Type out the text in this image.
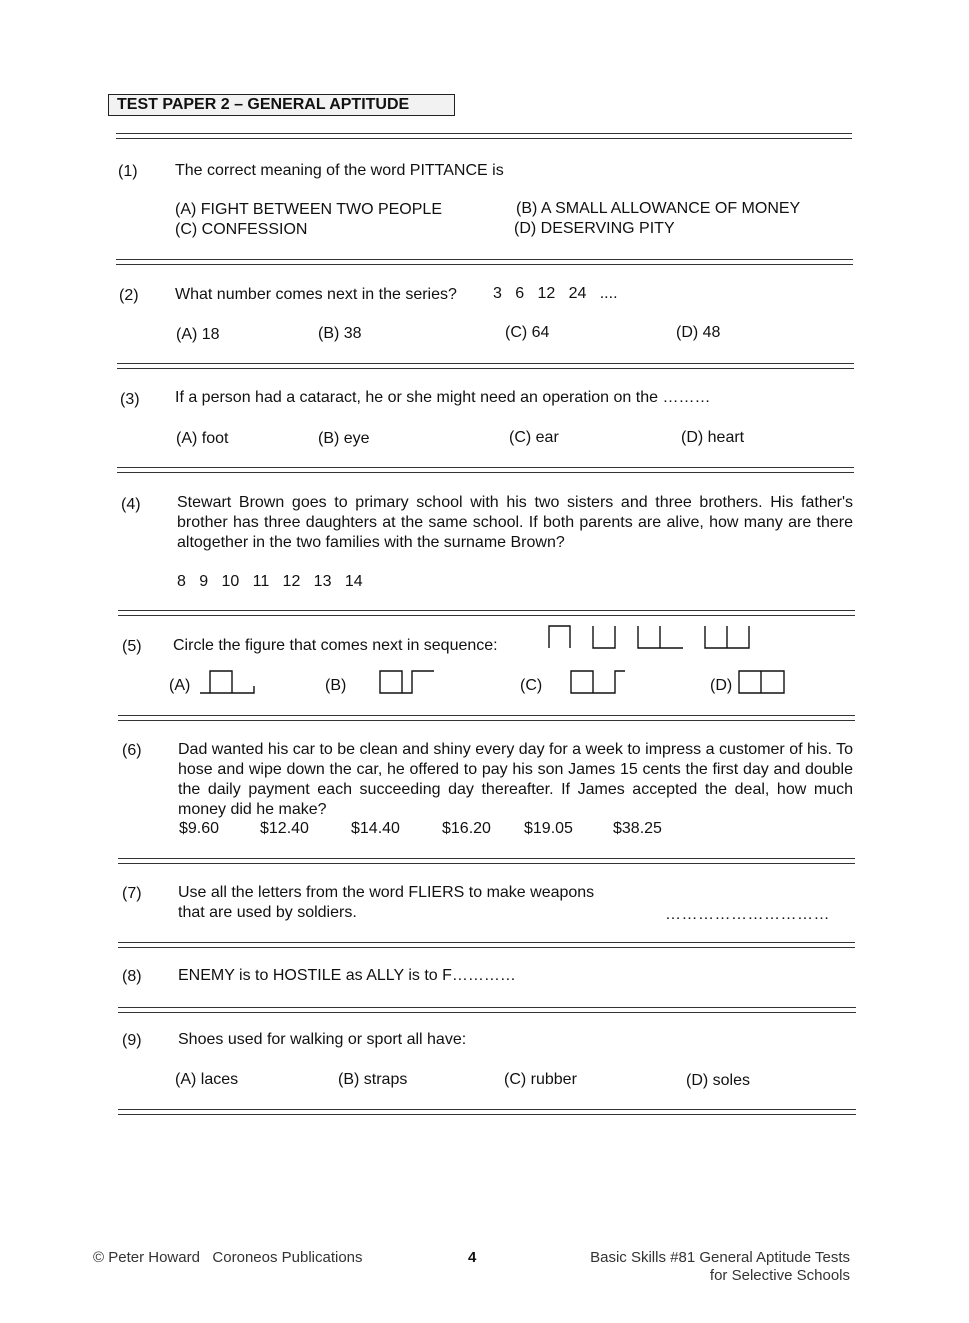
TEST PAPER 2 – GENERAL APTITUDE
(1) The correct meaning of the word PITTANCE is
(A) FIGHT BETWEEN TWO PEOPLE	(B) A SMALL ALLOWANCE OF MONEY
(C) CONFESSION	(D) DESERVING PITY
(2) What number comes next in the series? 3   6   12   24   ....
(A) 18	(B) 38	(C) 64	(D) 48
(3) If a person had a cataract, he or she might need an operation on the ………
(A) foot	(B) eye	(C) ear	(D) heart
(4) Stewart Brown goes to primary school with his two sisters and three brothers. His father's brother has three daughters at the same school. If both parents are alive, how many are there altogether in the two families with the surname Brown?
8   9   10   11   12   13   14
(5) Circle the figure that comes next in sequence:
(A)	(B)	(C)	(D)
(6) Dad wanted his car to be clean and shiny every day for a week to impress a customer of his. To hose and wipe down the car, he offered to pay his son James 15 cents the first day and double the daily payment each succeeding day thereafter. If James accepted the deal, how much money did he make?
$9.60	$12.40	$14.40	$16.20 $19.05	$38.25
(7) Use all the letters from the word FLIERS to make weapons
that are used by soldiers.	…………………………
(8) ENEMY is to HOSTILE as ALLY is to F…………
(9) Shoes used for walking or sport all have:
(A) laces	(B) straps	(C) rubber	(D) soles
© Peter Howard   Coroneos Publications	4	Basic Skills #81 General Aptitude Tests
for Selective Schools
